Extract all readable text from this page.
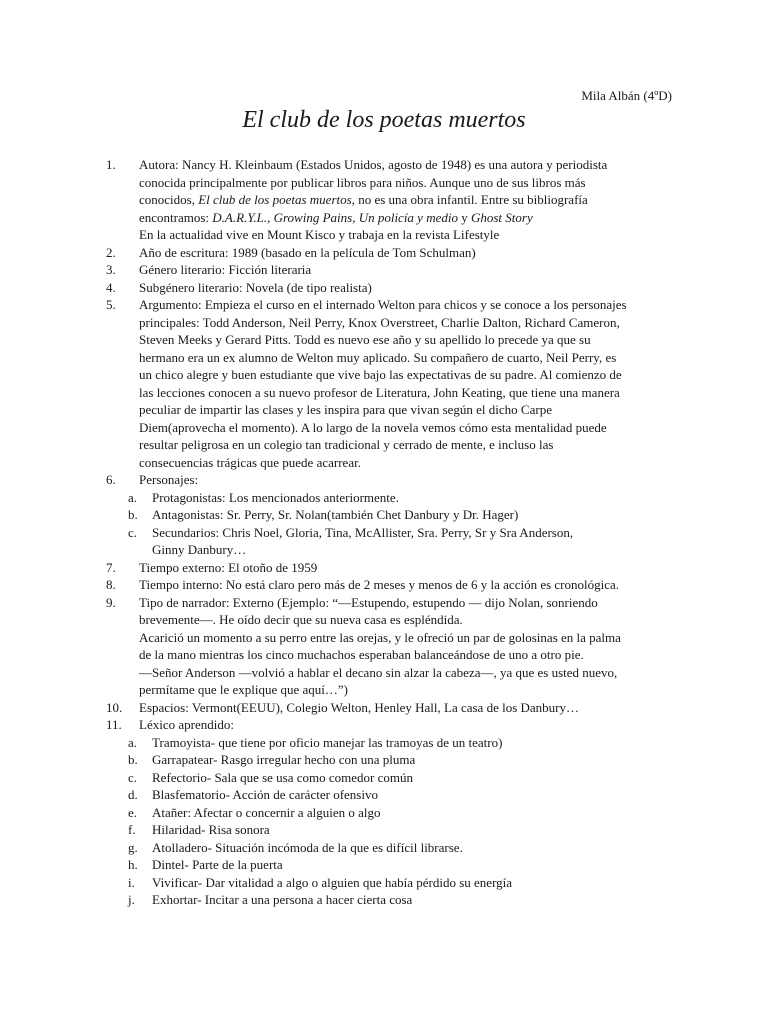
Mila Albán (4ºD)
El club de los poetas muertos
1.	Autora: Nancy H. Kleinbaum (Estados Unidos, agosto de 1948) es una autora y periodista
conocida principalmente por publicar libros para niños. Aunque uno de sus libros más
conocidos, El club de los poetas muertos, no es una obra infantil. Entre su bibliografía
encontramos: D.A.R.Y.L., Growing Pains, Un policía y medio y Ghost Story
En la actualidad vive en Mount Kisco y trabaja en la revista Lifestyle
2.	Año de escritura: 1989 (basado en la película de Tom Schulman)
3.	Género literario: Ficción literaria
4.	Subgénero literario: Novela (de tipo realista)
5.	Argumento: Empieza el curso en el internado Welton para chicos y se conoce a los personajes
principales: Todd Anderson, Neil Perry, Knox Overstreet, Charlie Dalton, Richard Cameron,
Steven Meeks y Gerard Pitts. Todd es nuevo ese año y su apellido lo precede ya que su
hermano era un ex alumno de Welton muy aplicado. Su compañero de cuarto, Neil Perry, es
un chico alegre y buen estudiante que vive bajo las expectativas de su padre. Al comienzo de
las lecciones conocen a su nuevo profesor de Literatura, John Keating, que tiene una manera
peculiar de impartir las clases y les inspira para que vivan según el dicho Carpe
Diem(aprovecha el momento). A lo largo de la novela vemos cómo esta mentalidad puede
resultar peligrosa en un colegio tan tradicional y cerrado de mente, e incluso las
consecuencias trágicas que puede acarrear.
6.	Personajes:
a. Protagonistas: Los mencionados anteriormente.
b. Antagonistas: Sr. Perry, Sr. Nolan(también Chet Danbury y Dr. Hager)
c. Secundarios: Chris Noel, Gloria, Tina, McAllister, Sra. Perry, Sr y Sra Anderson,
Ginny Danbury…
7.	Tiempo externo: El otoño de 1959
8.	Tiempo interno: No está claro pero más de 2 meses y menos de 6 y la acción es cronológica.
9.	Tipo de narrador: Externo (Ejemplo: “—Estupendo, estupendo — dijo Nolan, sonriendo
brevemente—. He oído decir que su nueva casa es espléndida.
Acarició un momento a su perro entre las orejas, y le ofreció un par de golosinas en la palma
de la mano mientras los cinco muchachos esperaban balanceándose de uno a otro pie.
—Señor Anderson —volvió a hablar el decano sin alzar la cabeza—, ya que es usted nuevo,
permítame que le explique que aquí…”)
10.	Espacios: Vermont(EEUU), Colegio Welton, Henley Hall, La casa de los Danbury…
11.	Léxico aprendido:
a. Tramoyista- que tiene por oficio manejar las tramoyas de un teatro)
b. Garrapatear- Rasgo irregular hecho con una pluma
c. Refectorio- Sala que se usa como comedor común
d. Blasfematorio- Acción de carácter ofensivo
e. Atañer: Afectar o concernir a alguien o algo
f. Hilaridad- Risa sonora
g. Atolladero- Situación incómoda de la que es difícil librarse.
h. Dintel- Parte de la puerta
i. Vivificar- Dar vitalidad a algo o alguien que había pérdido su energía
j. Exhortar- Incitar a una persona a hacer cierta cosa
